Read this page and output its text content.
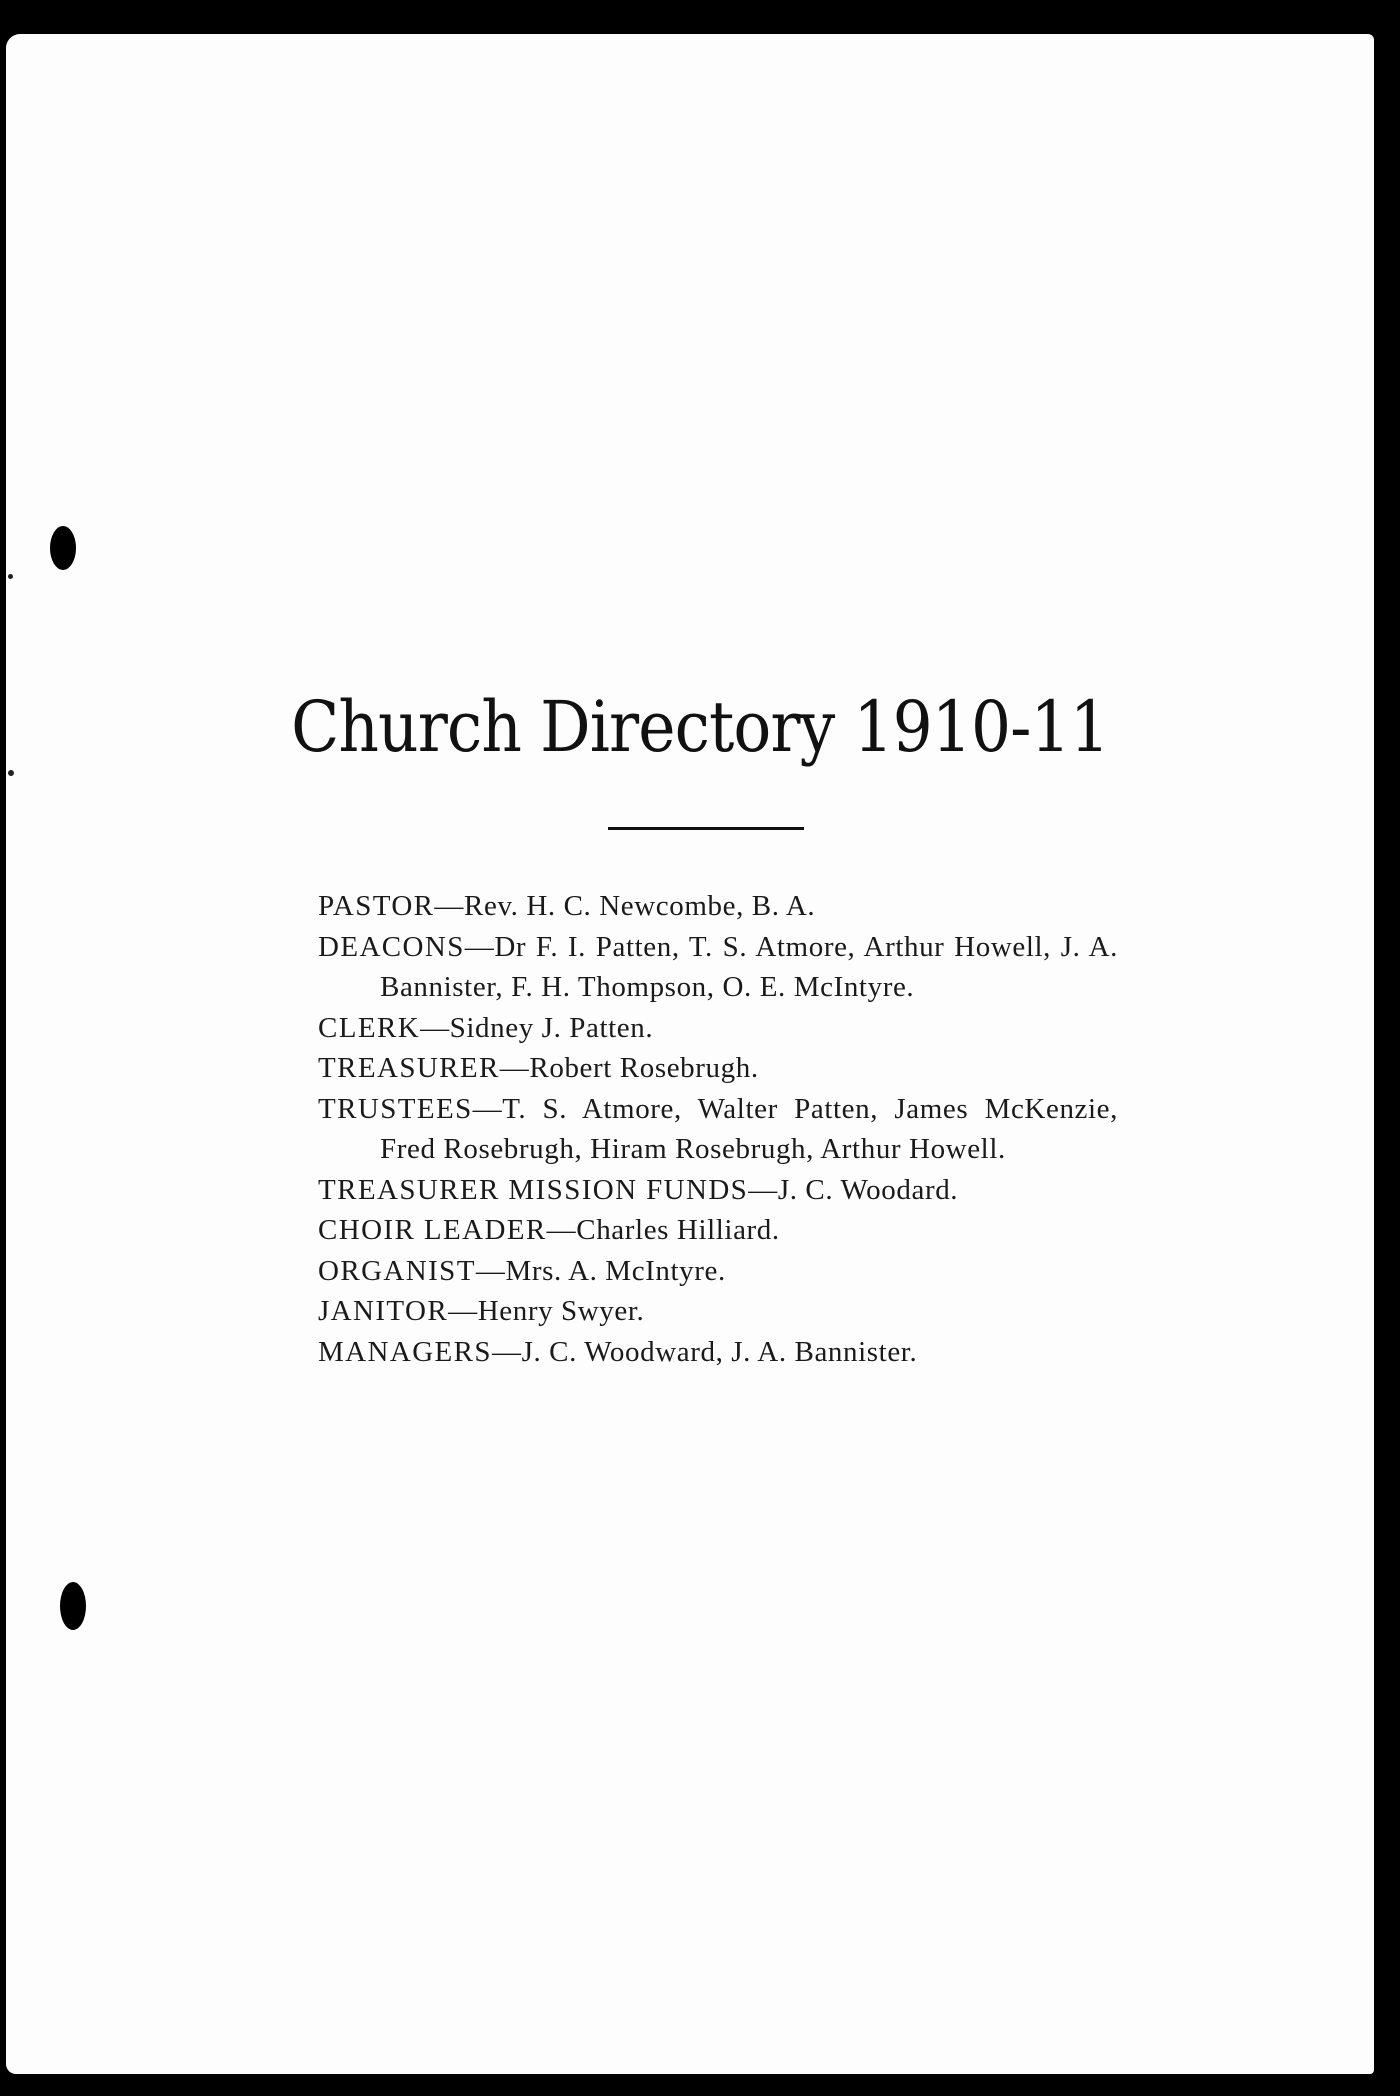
Church Directory 1910-11
PASTOR—Rev. H. C. Newcombe, B. A.
DEACONS—Dr F. I. Patten, T. S. Atmore, Arthur Howell, J. A. Bannister, F. H. Thompson, O. E. McIntyre.
CLERK—Sidney J. Patten.
TREASURER—Robert Rosebrugh.
TRUSTEES—T. S. Atmore, Walter Patten, James McKenzie, Fred Rosebrugh, Hiram Rosebrugh, Arthur Howell.
TREASURER MISSION FUNDS—J. C. Woodard.
CHOIR LEADER—Charles Hilliard.
ORGANIST—Mrs. A. McIntyre.
JANITOR—Henry Swyer.
MANAGERS—J. C. Woodward, J. A. Bannister.
